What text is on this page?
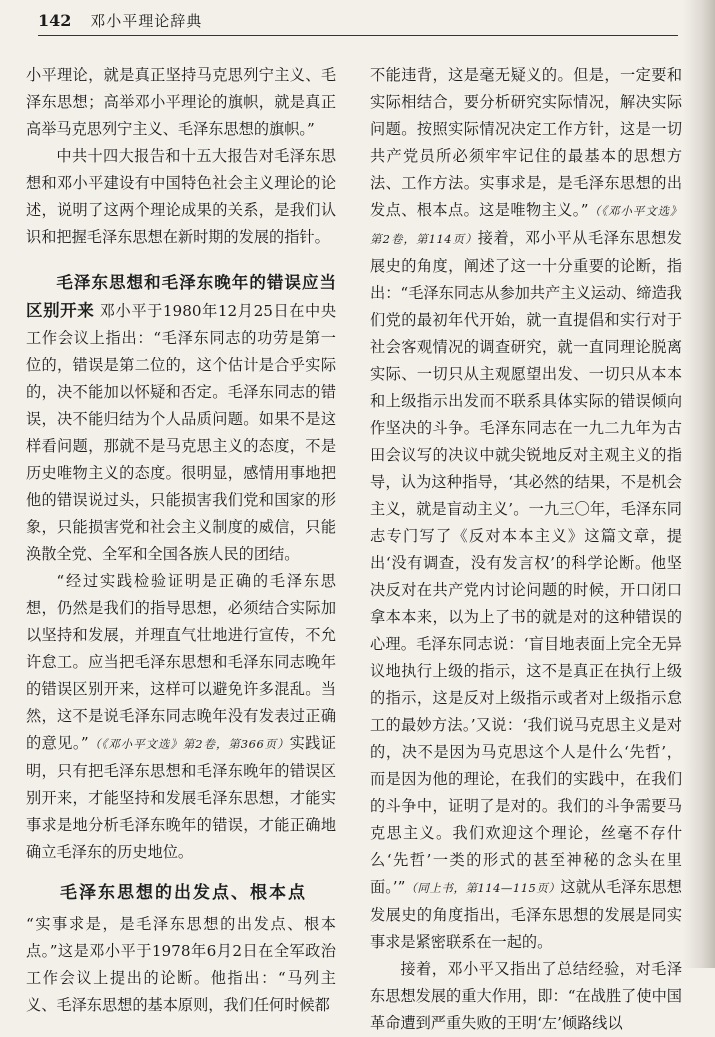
142 邓小平理论辞典

小平理论，就是真正坚持马克思列宁主义、毛泽东思想；高举邓小平理论的旗帜，就是真正高举马克思列宁主义、毛泽东思想的旗帜。”

中共十四大报告和十五大报告对毛泽东思想和邓小平建设有中国特色社会主义理论的论述，说明了这两个理论成果的关系，是我们认识和把握毛泽东思想在新时期的发展的指针。

毛泽东思想和毛泽东晚年的错误应当区别开来 邓小平于1980年12月25日在中央工作会议上指出：“毛泽东同志的功劳是第一位的，错误是第二位的，这个估计是合乎实际的，决不能加以怀疑和否定。毛泽东同志的错误，决不能归结为个人品质问题。如果不是这样看问题，那就不是马克思主义的态度，不是历史唯物主义的态度。很明显，感情用事地把他的错误说过头，只能损害我们党和国家的形象，只能损害党和社会主义制度的威信，只能涣散全党、全军和全国各族人民的团结。

“经过实践检验证明是正确的毛泽东思想，仍然是我们的指导思想，必须结合实际加以坚持和发展，并理直气壮地进行宣传，不允许怠工。应当把毛泽东思想和毛泽东同志晚年的错误区别开来，这样可以避免许多混乱。当然，这不是说毛泽东同志晚年没有发表过正确的意见。”（《邓小平文选》第2卷，第366页）实践证明，只有把毛泽东思想和毛泽东晚年的错误区别开来，才能坚持和发展毛泽东思想，才能实事求是地分析毛泽东晚年的错误，才能正确地确立毛泽东的历史地位。

毛泽东思想的出发点、根本点

“实事求是，是毛泽东思想的出发点、根本点。”这是邓小平于1978年6月2日在全军政治工作会议上提出的论断。他指出：“马列主义、毛泽东思想的基本原则，我们任何时候都

不能违背，这是毫无疑义的。但是，一定要和实际相结合，要分析研究实际情况，解决实际问题。按照实际情况决定工作方针，这是一切共产党员所必须牢牢记住的最基本的思想方法、工作方法。实事求是，是毛泽东思想的出发点、根本点。这是唯物主义。”（《邓小平文选》第2卷，第114页）接着，邓小平从毛泽东思想发展史的角度，阐述了这一十分重要的论断，指出：“毛泽东同志从参加共产主义运动、缔造我们党的最初年代开始，就一直提倡和实行对于社会客观情况的调查研究，就一直同理论脱离实际、一切只从主观愿望出发、一切只从本本和上级指示出发而不联系具体实际的错误倾向作坚决的斗争。毛泽东同志在一九二九年为古田会议写的决议中就尖锐地反对主观主义的指导，认为这种指导，‘其必然的结果，不是机会主义，就是盲动主义’。一九三〇年，毛泽东同志专门写了《反对本本主义》这篇文章，提出‘没有调查，没有发言权’的科学论断。他坚决反对在共产党内讨论问题的时候，开口闭口拿本本来，以为上了书的就是对的这种错误的心理。毛泽东同志说：‘盲目地表面上完全无异议地执行上级的指示，这不是真正在执行上级的指示，这是反对上级指示或者对上级指示怠工的最妙方法。’又说：‘我们说马克思主义是对的，决不是因为马克思这个人是什么‘先哲’，而是因为他的理论，在我们的实践中，在我们的斗争中，证明了是对的。我们的斗争需要马克思主义。我们欢迎这个理论，丝毫不存什么‘先哲’一类的形式的甚至神秘的念头在里面。’”（同上书，第114—115页）这就从毛泽东思想发展史的角度指出，毛泽东思想的发展是同实事求是紧密联系在一起的。

接着，邓小平又指出了总结经验，对毛泽东思想发展的重大作用，即：“在战胜了使中国革命遭到严重失败的王明‘左’倾路线以
